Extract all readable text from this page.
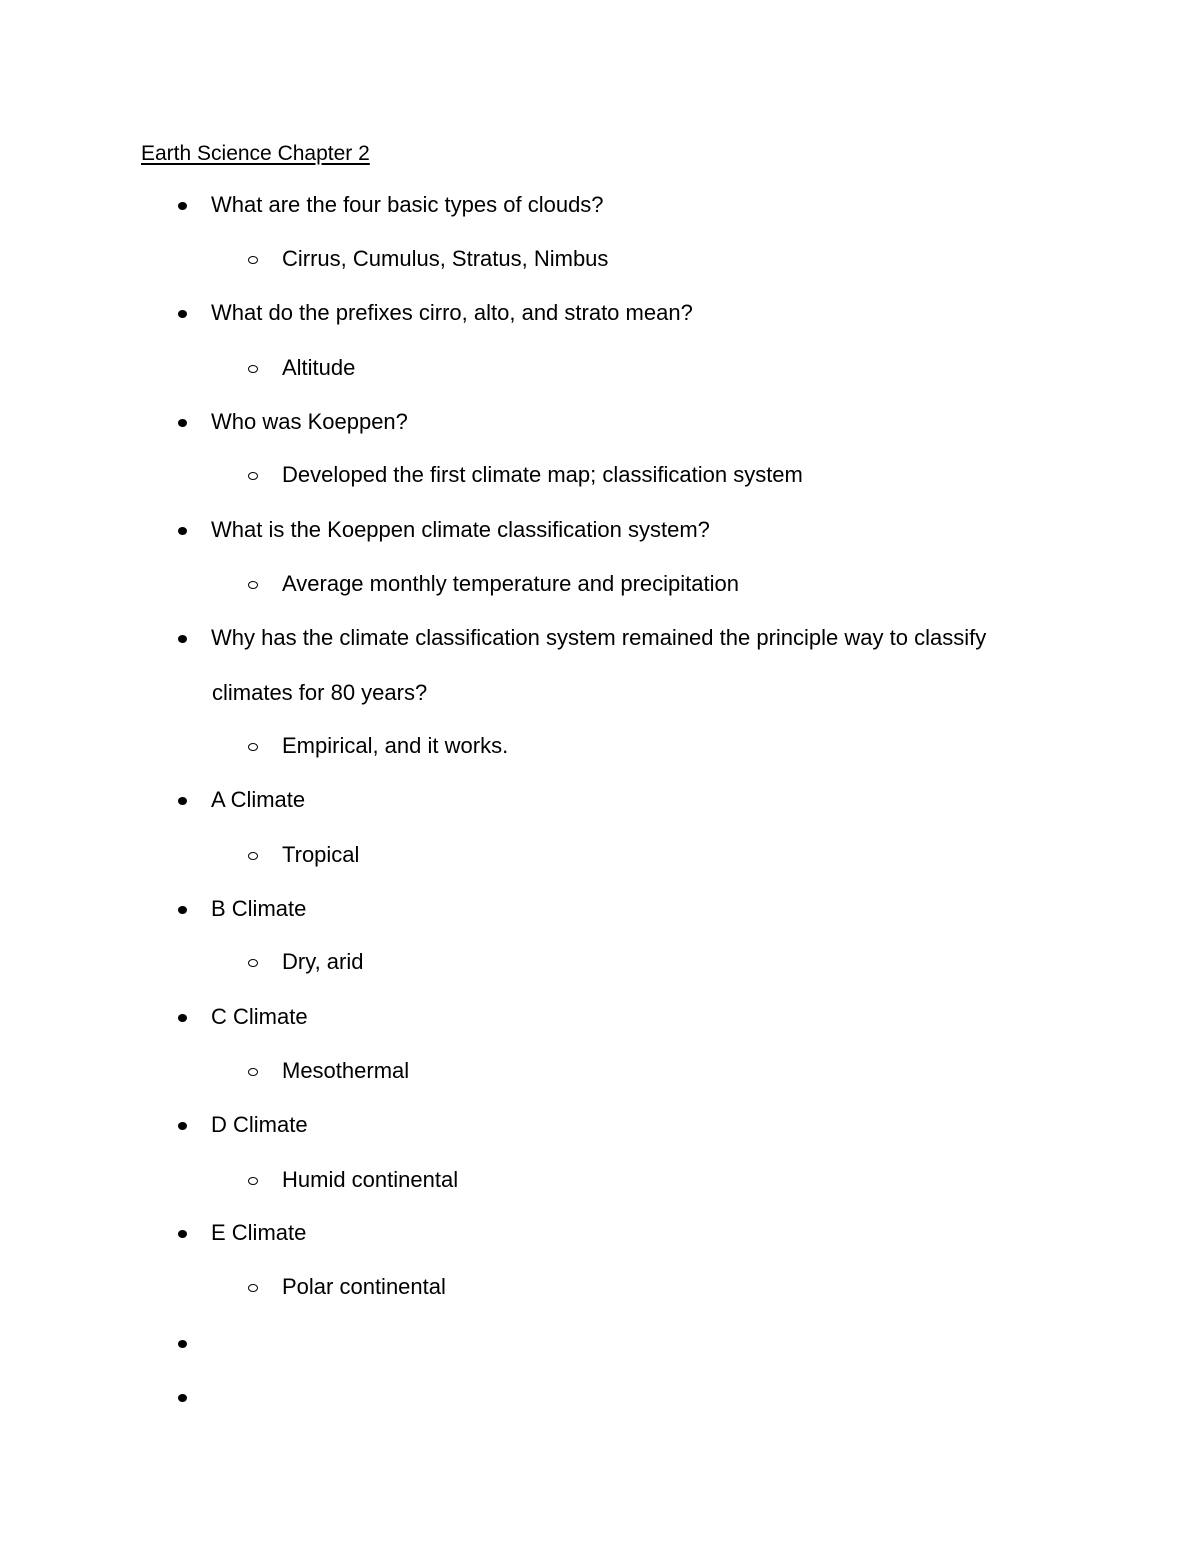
Earth Science Chapter 2
What are the four basic types of clouds?
Cirrus, Cumulus, Stratus, Nimbus
What do the prefixes cirro, alto, and strato mean?
Altitude
Who was Koeppen?
Developed the first climate map; classification system
What is the Koeppen climate classification system?
Average monthly temperature and precipitation
Why has the climate classification system remained the principle way to classify
climates for 80 years?
Empirical, and it works.
A Climate
Tropical
B Climate
Dry, arid
C Climate
Mesothermal
D Climate
Humid continental
E Climate
Polar continental
